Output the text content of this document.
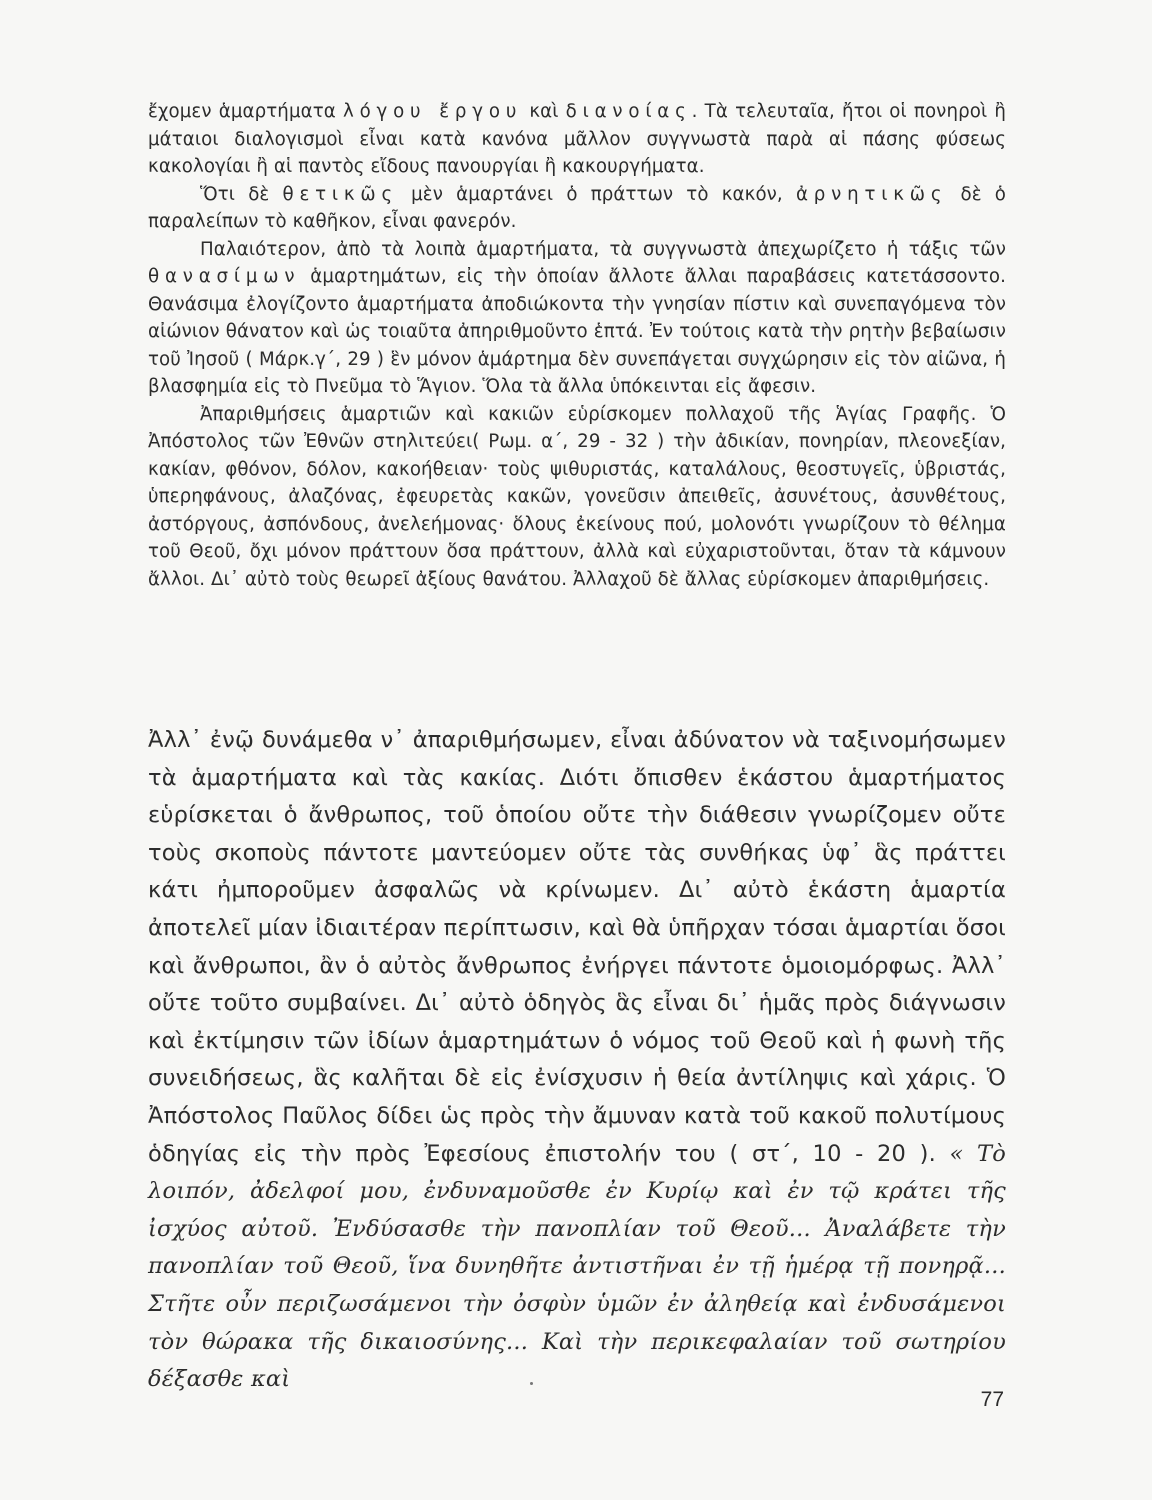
ἔχομεν ἁμαρτήματα λόγου ἔργου καὶ διανοίας. Τὰ τελευταῖα, ἤτοι οἱ πονηροὶ ἢ μάταιοι διαλογισμοὶ εἶναι κατὰ κανόνα μᾶλλον συγγνωστὰ παρὰ αἱ πάσης φύσεως κακολογίαι ἢ αἱ παντὸς εἴδους πανουργίαι ἢ κακουργήματα.

Ὅτι δὲ θετικῶς μὲν ἁμαρτάνει ὁ πράττων τὸ κακόν, ἀρνητικῶς δὲ ὁ παραλείπων τὸ καθῆκον, εἶναι φανερόν.

Παλαιότερον, ἀπὸ τὰ λοιπὰ ἁμαρτήματα, τὰ συγγνωστὰ ἀπεχωρίζετο ἡ τάξις τῶν θανασίμων ἁμαρτημάτων, εἰς τὴν ὁποίαν ἄλλοτε ἄλλαι παραβάσεις κατετάσσοντο. Θανάσιμα ἐλογίζοντο ἁμαρτήματα ἀποδιώκοντα τὴν γνησίαν πίστιν καὶ συνεπαγόμενα τὸν αἰώνιον θάνατον καὶ ὡς τοιαῦτα ἀπηριθμοῦντο ἑπτά. Ἐν τούτοις κατὰ τὴν ρητὴν βεβαίωσιν τοῦ Ἰησοῦ ( Μάρκ.γ΄, 29 ) ἓν μόνον ἁμάρτημα δὲν συνεπάγεται συγχώρησιν εἰς τὸν αἰῶνα, ἡ βλασφημία εἰς τὸ Πνεῦμα τὸ Ἅγιον. Ὅλα τὰ ἄλλα ὑπόκεινται εἰς ἄφεσιν.

Ἀπαριθμήσεις ἁμαρτιῶν καὶ κακιῶν εὑρίσκομεν πολλαχοῦ τῆς Ἁγίας Γραφῆς. Ὁ Ἀπόστολος τῶν Ἐθνῶν στηλιτεύει( Ρωμ. α΄, 29 - 32 ) τὴν ἀδικίαν, πονηρίαν, πλεονεξίαν, κακίαν, φθόνον, δόλον, κακοήθειαν· τοὺς ψιθυριστάς, καταλάλους, θεοστυγεῖς, ὑβριστάς, ὑπερηφάνους, ἀλαζόνας, ἐφευρετὰς κακῶν, γονεῦσιν ἀπειθεῖς, ἀσυνέτους, ἀσυνθέτους, ἀστόργους, ἀσπόνδους, ἀνελεήμονας· ὅλους ἐκείνους πού, μολονότι γνωρίζουν τὸ θέλημα τοῦ Θεοῦ, ὄχι μόνον πράττουν ὅσα πράττουν, ἀλλὰ καὶ εὐχαριστοῦνται, ὅταν τὰ κάμνουν ἄλλοι. Δι᾽ αὐτὸ τοὺς θεωρεῖ ἀξίους θανάτου. Ἀλλαχοῦ δὲ ἄλλας εὑρίσκομεν ἀπαριθμήσεις.

Ἀλλ᾽ ἐνῷ δυνάμεθα ν᾽ ἀπαριθμήσωμεν, εἶναι ἀδύνατον νὰ ταξινομήσωμεν τὰ ἁμαρτήματα καὶ τὰς κακίας. Διότι ὄπισθεν ἑκάστου ἁμαρτήματος εὑρίσκεται ὁ ἄνθρωπος, τοῦ ὁποίου οὔτε τὴν διάθεσιν γνωρίζομεν οὔτε τοὺς σκοποὺς πάντοτε μαντεύομεν οὔτε τὰς συνθήκας ὑφ᾽ ἃς πράττει κάτι ἠμποροῦμεν ἀσφαλῶς νὰ κρίνωμεν. Δι᾽ αὐτὸ ἑκάστη ἁμαρτία ἀποτελεῖ μίαν ἰδιαιτέραν περίπτωσιν, καὶ θὰ ὑπῆρχαν τόσαι ἁμαρτίαι ὅσοι καὶ ἄνθρωποι, ἂν ὁ αὐτὸς ἄνθρωπος ἐνήργει πάντοτε ὁμοιομόρφως. Ἀλλ᾽ οὔτε τοῦτο συμβαίνει. Δι᾽ αὐτὸ ὁδηγὸς ἃς εἶναι δι᾽ ἡμᾶς πρὸς διάγνωσιν καὶ ἐκτίμησιν τῶν ἰδίων ἁμαρτημάτων ὁ νόμος τοῦ Θεοῦ καὶ ἡ φωνὴ τῆς συνειδήσεως, ἃς καλῆται δὲ εἰς ἐνίσχυσιν ἡ θεία ἀντίληψις καὶ χάρις. Ὁ Ἀπόστολος Παῦλος δίδει ὡς πρὸς τὴν ἄμυναν κατὰ τοῦ κακοῦ πολυτίμους ὁδηγίας εἰς τὴν πρὸς Ἐφεσίους ἐπιστολήν του ( στ΄, 10 - 20 ). « Τὸ λοιπόν, ἀδελφοί μου, ἐνδυναμοῦσθε ἐν Κυρίῳ καὶ ἐν τῷ κράτει τῆς ἰσχύος αὐτοῦ. Ἐνδύσασθε τὴν πανοπλίαν τοῦ Θεοῦ... Ἀναλάβετε τὴν πανοπλίαν τοῦ Θεοῦ, ἵνα δυνηθῆτε ἀντιστῆναι ἐν τῇ ἡμέρᾳ τῇ πονηρᾷ... Στῆτε οὖν περιζωσάμενοι τὴν ὀσφὺν ὑμῶν ἐν ἀληθείᾳ καὶ ἐνδυσάμενοι τὸν θώρακα τῆς δικαιοσύνης... Καὶ τὴν περικεφαλαίαν τοῦ σωτηρίου δέξασθε καὶ

77
